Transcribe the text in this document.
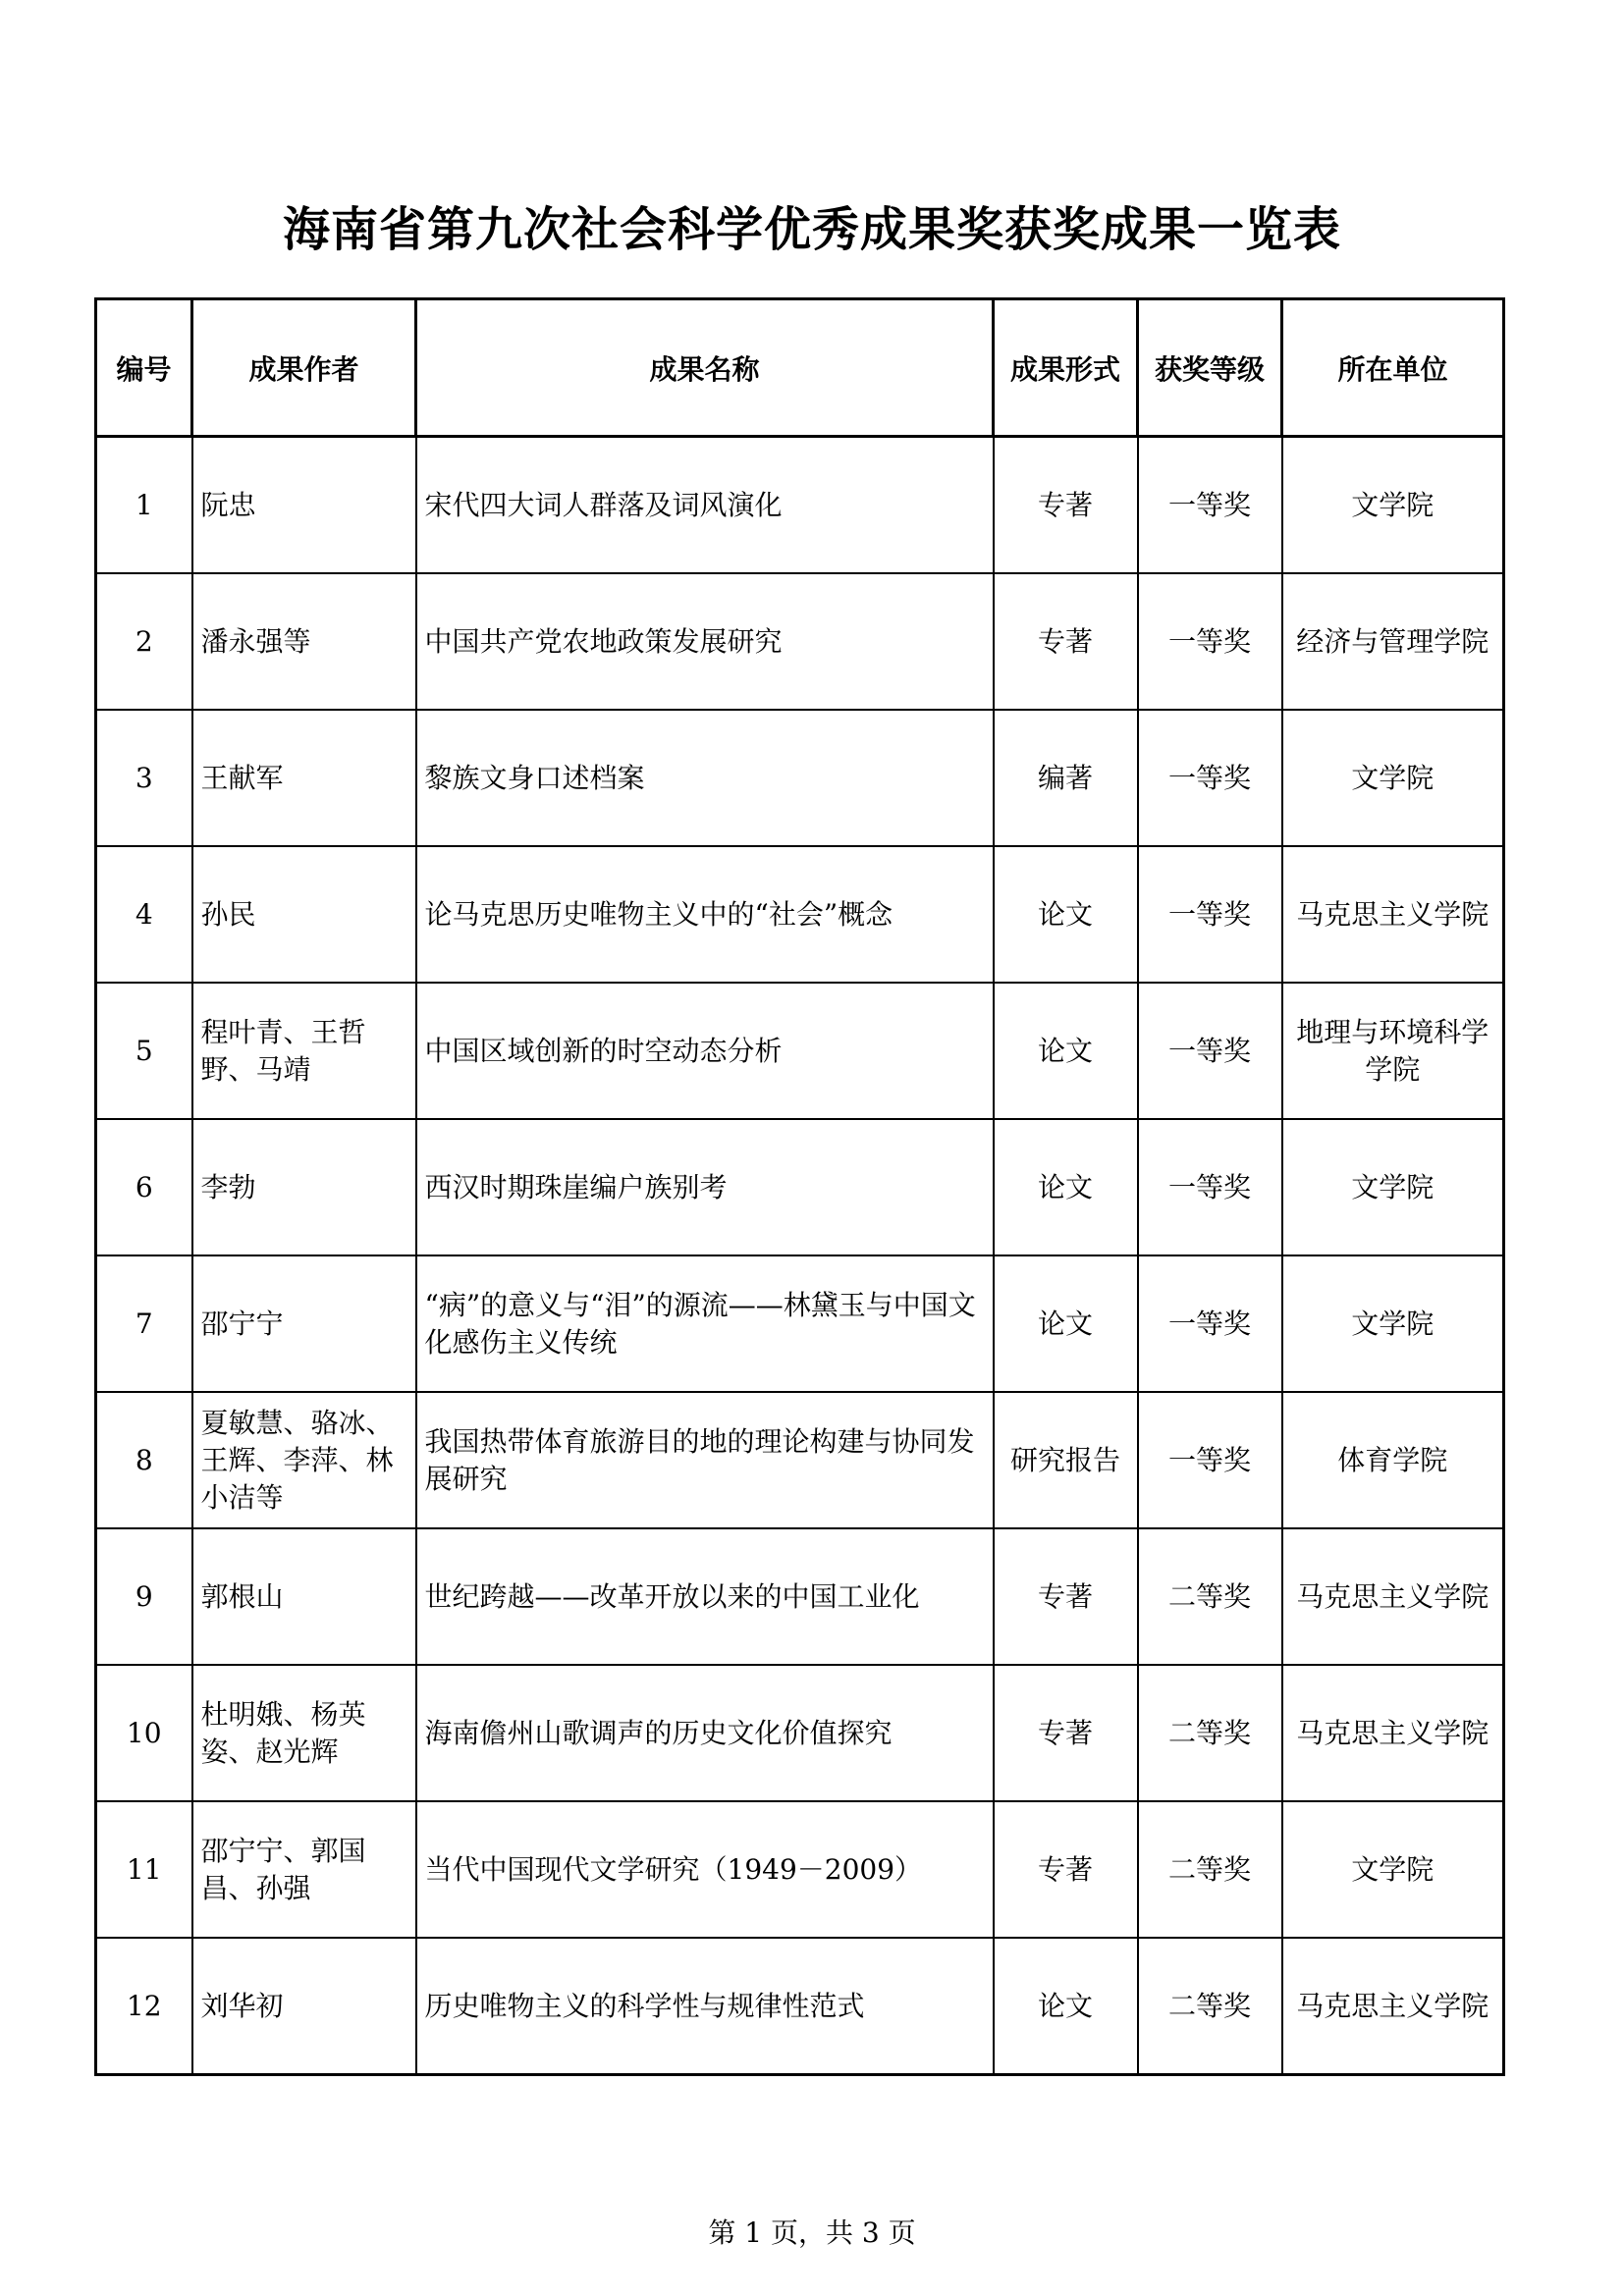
海南省第九次社会科学优秀成果奖获奖成果一览表
编号	成果作者	成果名称	成果形式	获奖等级	所在单位
1	阮忠	宋代四大词人群落及词风演化	专著	一等奖	文学院
2	潘永强等	中国共产党农地政策发展研究	专著	一等奖	经济与管理学院
3	王献军	黎族文身口述档案	编著	一等奖	文学院
4	孙民	论马克思历史唯物主义中的“社会”概念	论文	一等奖	马克思主义学院
5	程叶青、王哲野、马靖	中国区域创新的时空动态分析	论文	一等奖	地理与环境科学学院
6	李勃	西汉时期珠崖编户族别考	论文	一等奖	文学院
7	邵宁宁	“病”的意义与“泪”的源流——林黛玉与中国文化感伤主义传统	论文	一等奖	文学院
8	夏敏慧、骆冰、王辉、李萍、林小洁等	我国热带体育旅游目的地的理论构建与协同发展研究	研究报告	一等奖	体育学院
9	郭根山	世纪跨越——改革开放以来的中国工业化	专著	二等奖	马克思主义学院
10	杜明娥、杨英姿、赵光辉	海南儋州山歌调声的历史文化价值探究	专著	二等奖	马克思主义学院
11	邵宁宁、郭国昌、孙强	当代中国现代文学研究（1949－2009）	专著	二等奖	文学院
12	刘华初	历史唯物主义的科学性与规律性范式	论文	二等奖	马克思主义学院
第 1 页，共 3 页
